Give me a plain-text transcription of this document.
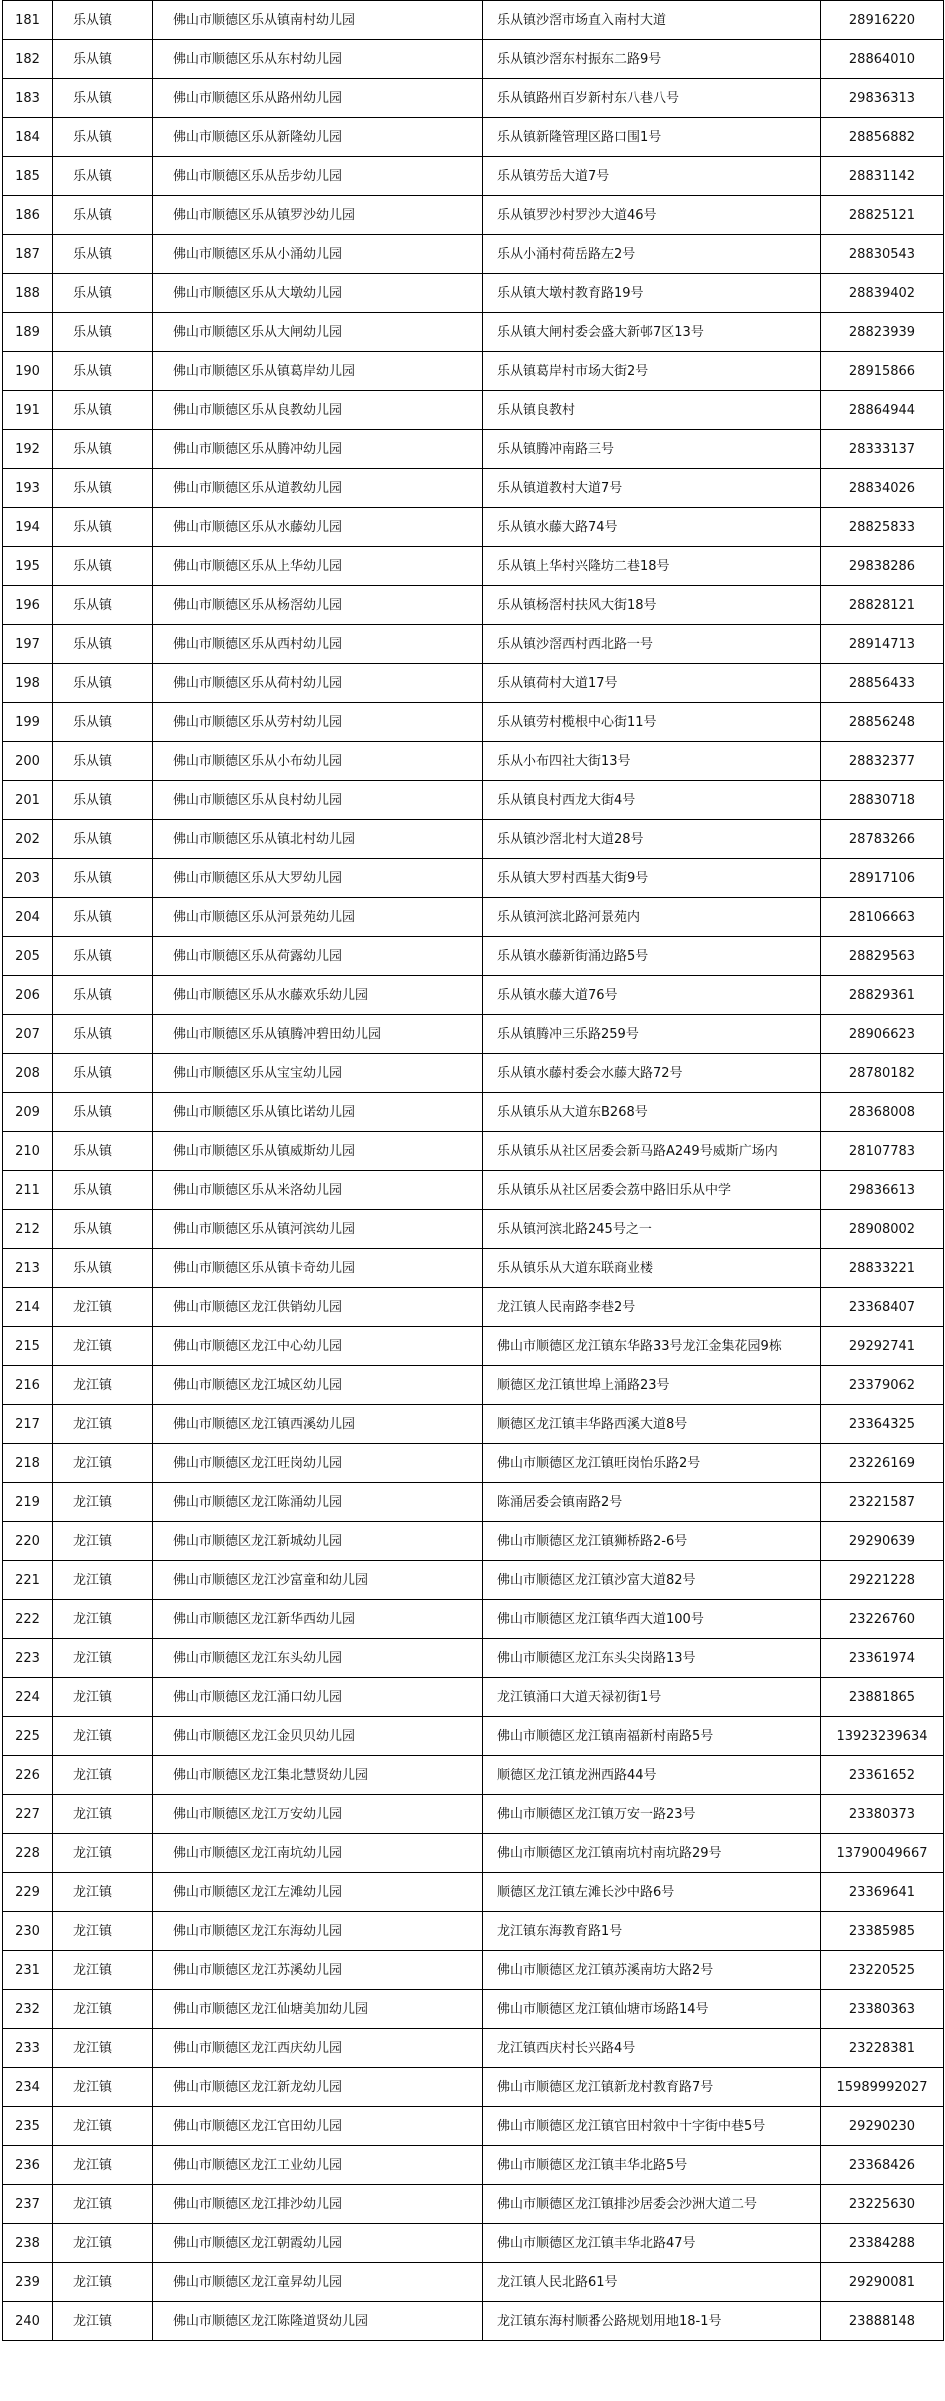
181	乐从镇	佛山市顺德区乐从镇南村幼儿园	乐从镇沙滘市场直入南村大道	28916220
182	乐从镇	佛山市顺德区乐从东村幼儿园	乐从镇沙滘东村振东二路9号	28864010
183	乐从镇	佛山市顺德区乐从路州幼儿园	乐从镇路州百岁新村东八巷八号	29836313
184	乐从镇	佛山市顺德区乐从新隆幼儿园	乐从镇新隆管理区路口围1号	28856882
185	乐从镇	佛山市顺德区乐从岳步幼儿园	乐从镇劳岳大道7号	28831142
186	乐从镇	佛山市顺德区乐从镇罗沙幼儿园	乐从镇罗沙村罗沙大道46号	28825121
187	乐从镇	佛山市顺德区乐从小涌幼儿园	乐从小涌村荷岳路左2号	28830543
188	乐从镇	佛山市顺德区乐从大墩幼儿园	乐从镇大墩村教育路19号	28839402
189	乐从镇	佛山市顺德区乐从大闸幼儿园	乐从镇大闸村委会盛大新邨7区13号	28823939
190	乐从镇	佛山市顺德区乐从镇葛岸幼儿园	乐从镇葛岸村市场大街2号	28915866
191	乐从镇	佛山市顺德区乐从良教幼儿园	乐从镇良教村	28864944
192	乐从镇	佛山市顺德区乐从腾冲幼儿园	乐从镇腾冲南路三号	28333137
193	乐从镇	佛山市顺德区乐从道教幼儿园	乐从镇道教村大道7号	28834026
194	乐从镇	佛山市顺德区乐从水藤幼儿园	乐从镇水藤大路74号	28825833
195	乐从镇	佛山市顺德区乐从上华幼儿园	乐从镇上华村兴隆坊二巷18号	29838286
196	乐从镇	佛山市顺德区乐从杨滘幼儿园	乐从镇杨滘村扶风大街18号	28828121
197	乐从镇	佛山市顺德区乐从西村幼儿园	乐从镇沙滘西村西北路一号	28914713
198	乐从镇	佛山市顺德区乐从荷村幼儿园	乐从镇荷村大道17号	28856433
199	乐从镇	佛山市顺德区乐从劳村幼儿园	乐从镇劳村榄根中心街11号	28856248
200	乐从镇	佛山市顺德区乐从小布幼儿园	乐从小布四社大街13号	28832377
201	乐从镇	佛山市顺德区乐从良村幼儿园	乐从镇良村西龙大街4号	28830718
202	乐从镇	佛山市顺德区乐从镇北村幼儿园	乐从镇沙滘北村大道28号	28783266
203	乐从镇	佛山市顺德区乐从大罗幼儿园	乐从镇大罗村西基大街9号	28917106
204	乐从镇	佛山市顺德区乐从河景苑幼儿园	乐从镇河滨北路河景苑内	28106663
205	乐从镇	佛山市顺德区乐从荷露幼儿园	乐从镇水藤新街涌边路5号	28829563
206	乐从镇	佛山市顺德区乐从水藤欢乐幼儿园	乐从镇水藤大道76号	28829361
207	乐从镇	佛山市顺德区乐从镇腾冲碧田幼儿园	乐从镇腾冲三乐路259号	28906623
208	乐从镇	佛山市顺德区乐从宝宝幼儿园	乐从镇水藤村委会水藤大路72号	28780182
209	乐从镇	佛山市顺德区乐从镇比诺幼儿园	乐从镇乐从大道东B268号	28368008
210	乐从镇	佛山市顺德区乐从镇威斯幼儿园	乐从镇乐从社区居委会新马路A249号威斯广场内	28107783
211	乐从镇	佛山市顺德区乐从米洛幼儿园	乐从镇乐从社区居委会荔中路旧乐从中学	29836613
212	乐从镇	佛山市顺德区乐从镇河滨幼儿园	乐从镇河滨北路245号之一	28908002
213	乐从镇	佛山市顺德区乐从镇卡奇幼儿园	乐从镇乐从大道东联商业楼	28833221
214	龙江镇	佛山市顺德区龙江供销幼儿园	龙江镇人民南路李巷2号	23368407
215	龙江镇	佛山市顺德区龙江中心幼儿园	佛山市顺德区龙江镇东华路33号龙江金集花园9栋	29292741
216	龙江镇	佛山市顺德区龙江城区幼儿园	顺德区龙江镇世埠上涌路23号	23379062
217	龙江镇	佛山市顺德区龙江镇西溪幼儿园	顺德区龙江镇丰华路西溪大道8号	23364325
218	龙江镇	佛山市顺德区龙江旺岗幼儿园	佛山市顺德区龙江镇旺岗怡乐路2号	23226169
219	龙江镇	佛山市顺德区龙江陈涌幼儿园	陈涌居委会镇南路2号	23221587
220	龙江镇	佛山市顺德区龙江新城幼儿园	佛山市顺德区龙江镇狮桥路2-6号	29290639
221	龙江镇	佛山市顺德区龙江沙富童和幼儿园	佛山市顺德区龙江镇沙富大道82号	29221228
222	龙江镇	佛山市顺德区龙江新华西幼儿园	佛山市顺德区龙江镇华西大道100号	23226760
223	龙江镇	佛山市顺德区龙江东头幼儿园	佛山市顺德区龙江东头尖岗路13号	23361974
224	龙江镇	佛山市顺德区龙江涌口幼儿园	龙江镇涌口大道天禄初街1号	23881865
225	龙江镇	佛山市顺德区龙江金贝贝幼儿园	佛山市顺德区龙江镇南福新村南路5号	13923239634
226	龙江镇	佛山市顺德区龙江集北慧贤幼儿园	顺德区龙江镇龙洲西路44号	23361652
227	龙江镇	佛山市顺德区龙江万安幼儿园	佛山市顺德区龙江镇万安一路23号	23380373
228	龙江镇	佛山市顺德区龙江南坑幼儿园	佛山市顺德区龙江镇南坑村南坑路29号	13790049667
229	龙江镇	佛山市顺德区龙江左滩幼儿园	顺德区龙江镇左滩长沙中路6号	23369641
230	龙江镇	佛山市顺德区龙江东海幼儿园	龙江镇东海教育路1号	23385985
231	龙江镇	佛山市顺德区龙江苏溪幼儿园	佛山市顺德区龙江镇苏溪南坊大路2号	23220525
232	龙江镇	佛山市顺德区龙江仙塘美加幼儿园	佛山市顺德区龙江镇仙塘市场路14号	23380363
233	龙江镇	佛山市顺德区龙江西庆幼儿园	龙江镇西庆村长兴路4号	23228381
234	龙江镇	佛山市顺德区龙江新龙幼儿园	佛山市顺德区龙江镇新龙村教育路7号	15989992027
235	龙江镇	佛山市顺德区龙江官田幼儿园	佛山市顺德区龙江镇官田村敘中十字街中巷5号	29290230
236	龙江镇	佛山市顺德区龙江工业幼儿园	佛山市顺德区龙江镇丰华北路5号	23368426
237	龙江镇	佛山市顺德区龙江排沙幼儿园	佛山市顺德区龙江镇排沙居委会沙洲大道二号	23225630
238	龙江镇	佛山市顺德区龙江朝霞幼儿园	佛山市顺德区龙江镇丰华北路47号	23384288
239	龙江镇	佛山市顺德区龙江童昇幼儿园	龙江镇人民北路61号	29290081
240	龙江镇	佛山市顺德区龙江陈隆道贤幼儿园	龙江镇东海村顺番公路规划用地18-1号	23888148
